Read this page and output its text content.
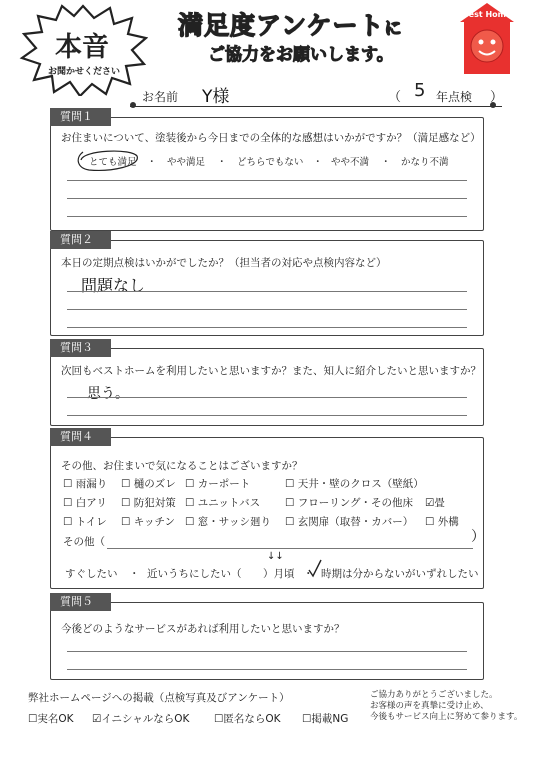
本音
お聞かせください
満足度アンケートに
ご協力をお願いします。
Best Home
お名前 Y様	（ 5 年点検 ）
質問１
お住まいについて、塗装後から今日までの全体的な感想はいかがですか？（満足感など）
とても満足 ・ やや満足 ・ どちらでもない ・ やや不満 ・ かなり不満
質問２
本日の定期点検はいかがでしたか？（担当者の対応や点検内容など）
問題なし
質問３
次回もベストホームを利用したいと思いますか？また、知人に紹介したいと思いますか？
思う。
質問４
その他、お住まいで気になることはございますか？
☐ 雨漏り ☐ 樋のズレ ☐ カーポート	☐ 天井・壁のクロス（壁紙）
☐ 白アリ ☐ 防犯対策 ☐ ユニットバス ☐ フローリング・その他床 ☑畳
☐ トイレ ☐ キッチン ☐ 窓・サッシ廻り ☐ 玄関扉（取替・カバー） ☐ 外構
その他（	）
↓↓
すぐしたい ・ 近いうちにしたい（ ）月頃 ・ 時期は分からないがいずれしたい
質問５
今後どのようなサービスがあれば利用したいと思いますか？
弊社ホームページへの掲載（点検写真及びアンケート）
☐実名OK ☑イニシャルならOK ☐匿名ならOK ☐掲載NG
ご協力ありがとうございました。
お客様の声を真摯に受け止め、
今後もサービス向上に努めて参ります。
